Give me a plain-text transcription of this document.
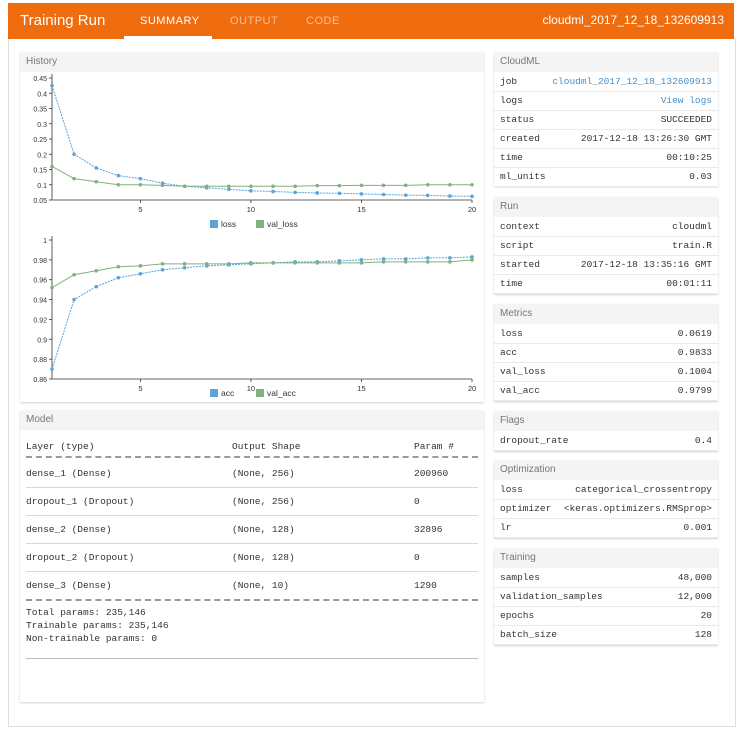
Training Run	SUMMARY	OUTPUT	CODE	cloudml_2017_12_18_132609913
History
0.05
0.1
0.15
0.2
0.25
0.3
0.35
0.4
0.45
5	10	15	20
loss	val_loss
0.86
0.88
0.9
0.92
0.94
0.96
0.98
1
5	10	15	20
acc	val_acc
Model
Layer (type)	Output Shape	Param #
dense_1 (Dense)	(None, 256)	200960
dropout_1 (Dropout)	(None, 256)	0
dense_2 (Dense)	(None, 128)	32896
dropout_2 (Dropout)	(None, 128)	0
dense_3 (Dense)	(None, 10)	1290
Total params: 235,146
Trainable params: 235,146
Non-trainable params: 0
CloudML
job	cloudml_2017_12_18_132609913
logs	View logs
status	SUCCEEDED
created	2017-12-18 13:26:30 GMT
time	00:10:25
ml_units	0.03
Run
context	cloudml
script	train.R
started	2017-12-18 13:35:16 GMT
time	00:01:11
Metrics
loss	0.0619
acc	0.9833
val_loss	0.1004
val_acc	0.9799
Flags
dropout_rate	0.4
Optimization
loss	categorical_crossentropy
optimizer <keras.optimizers.RMSprop>
lr	0.001
Training
samples	48,000
validation_samples	12,000
epochs	20
batch_size	128
